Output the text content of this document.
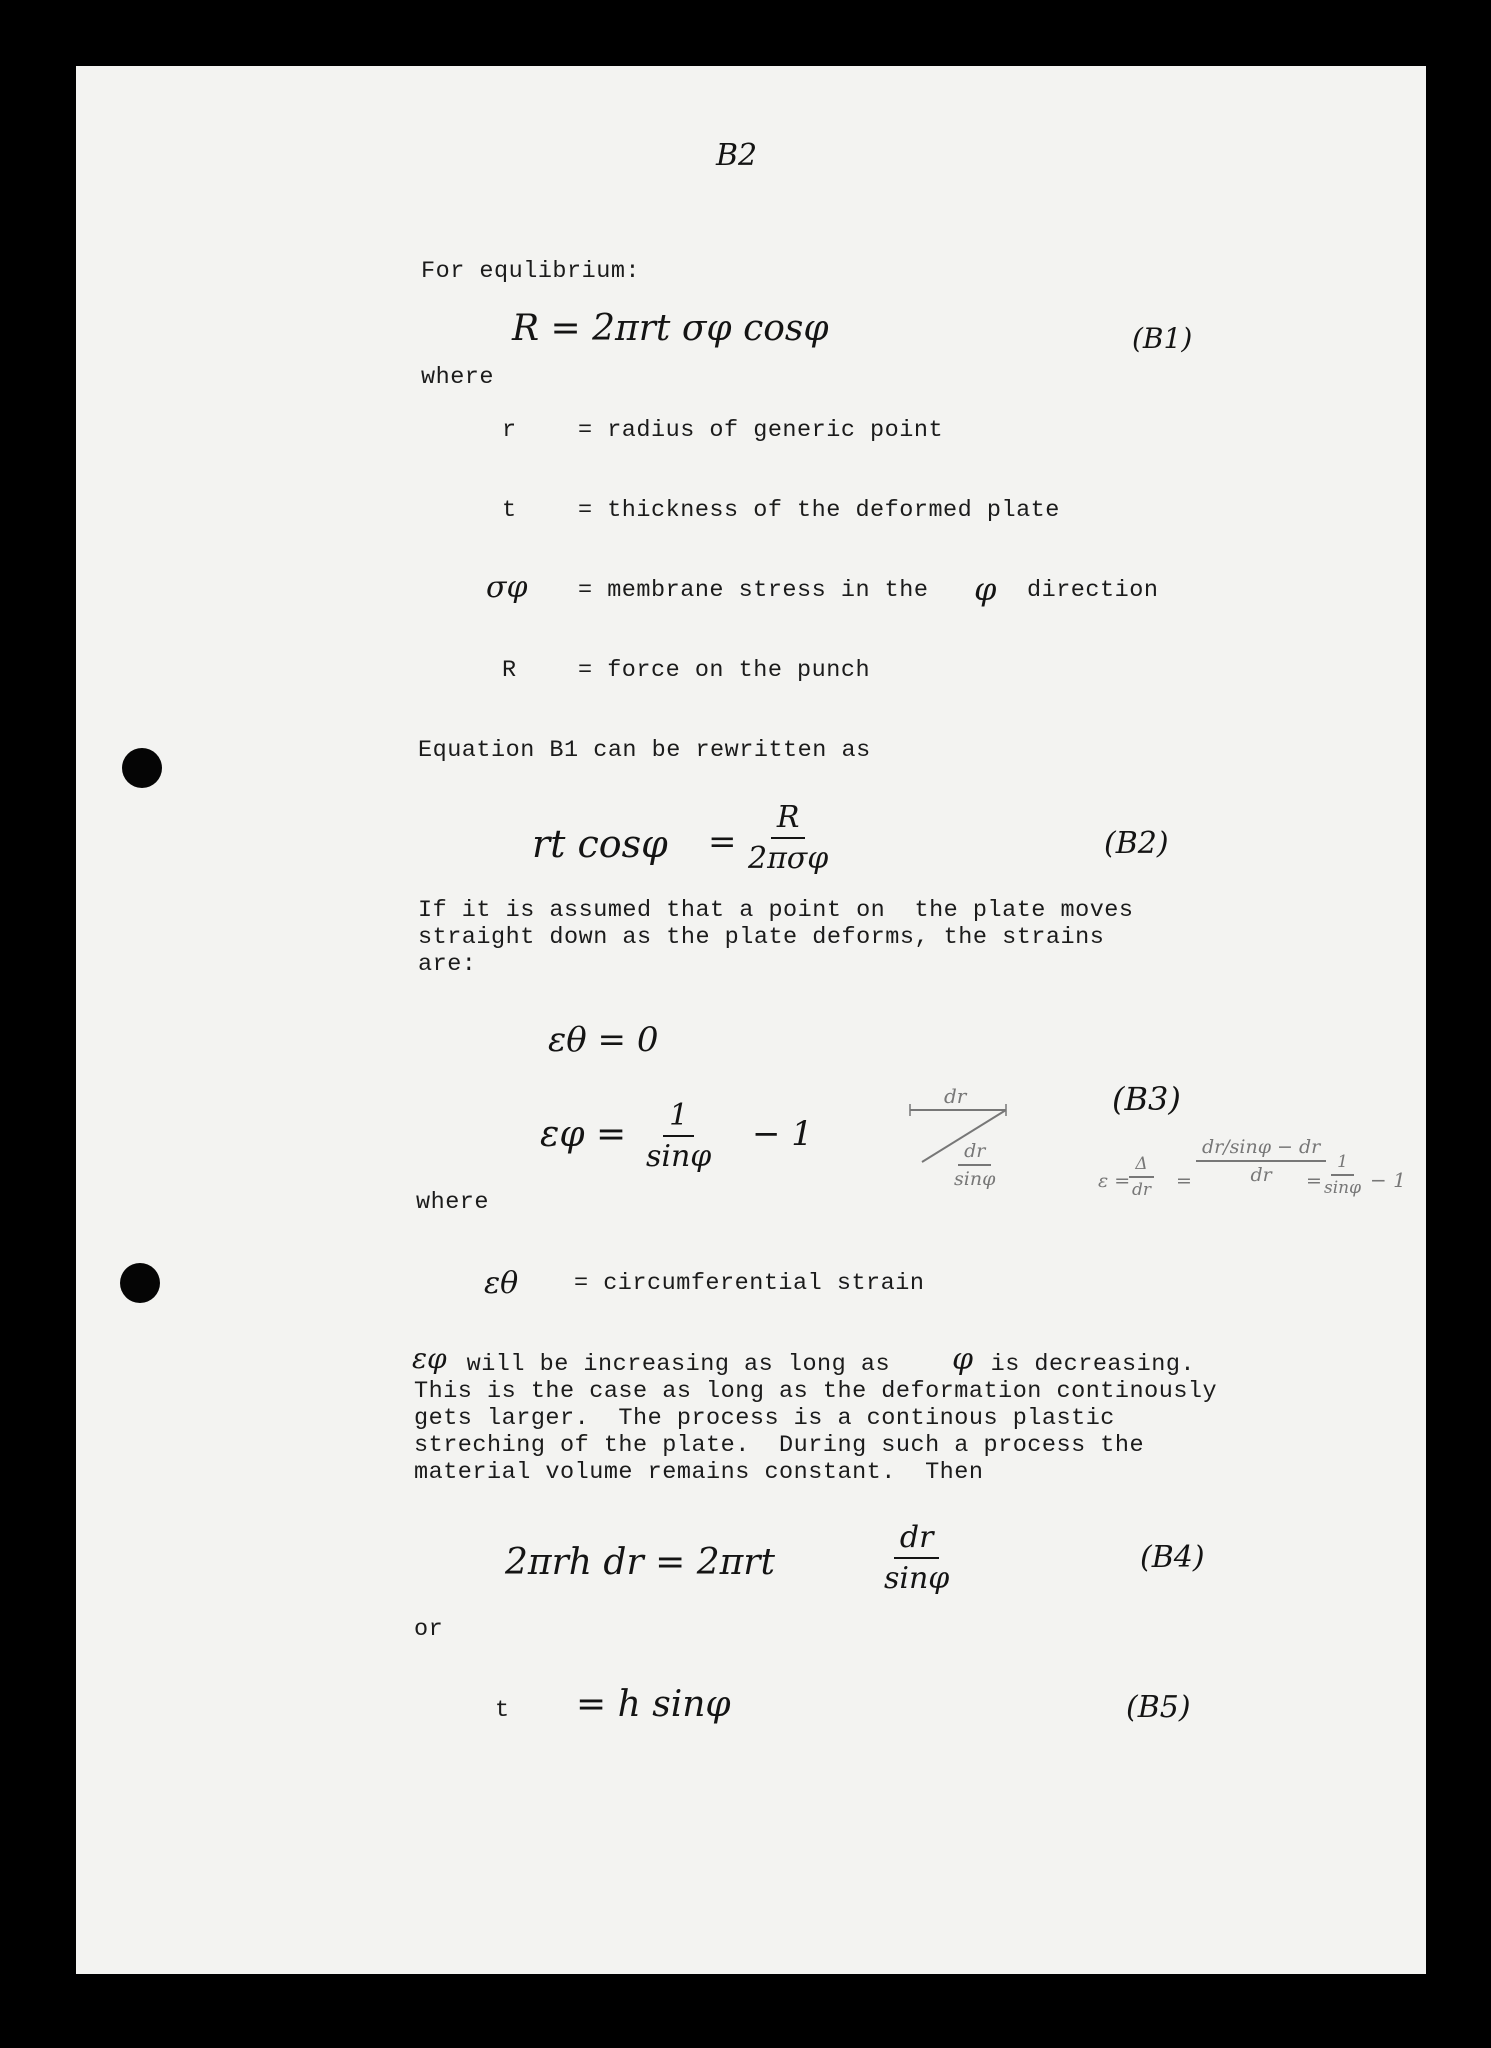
B2
For equlibrium:
R = 2πrt σφ cosφ	(B1)
where
r	= radius of generic point
t	= thickness of the deformed plate
σφ = membrane stress in the φ direction
R	= force on the punch
Equation B1 can be rewritten as
rt cosφ =
R
2πσφ	(B2)
If it is assumed that a point on  the plate moves
straight down as the plate deforms, the strains
are:
εθ = 0
$\varepsilon\varphi = \frac{1}{\sin\varphi} - 1$
(B3)
dr
$\frac{dr}{\sin\varphi}$	ε =
$\frac{\Delta}{dr} = \frac{dr/\sin\varphi - dr}{dr}$
=
$\frac{1}{\sin\varphi} - 1$
where
εθ = circumferential strain
εφ will be increasing as long as φ is decreasing.
This is the case as long as the deformation continously
gets larger.  The process is a continous plastic
streching of the plate.  During such a process the
material volume remains constant.  Then
2πrh dr = 2πrt	$\frac{dr}{\sin\varphi}$	(B4)
or
t = h sinφ	(B5)
